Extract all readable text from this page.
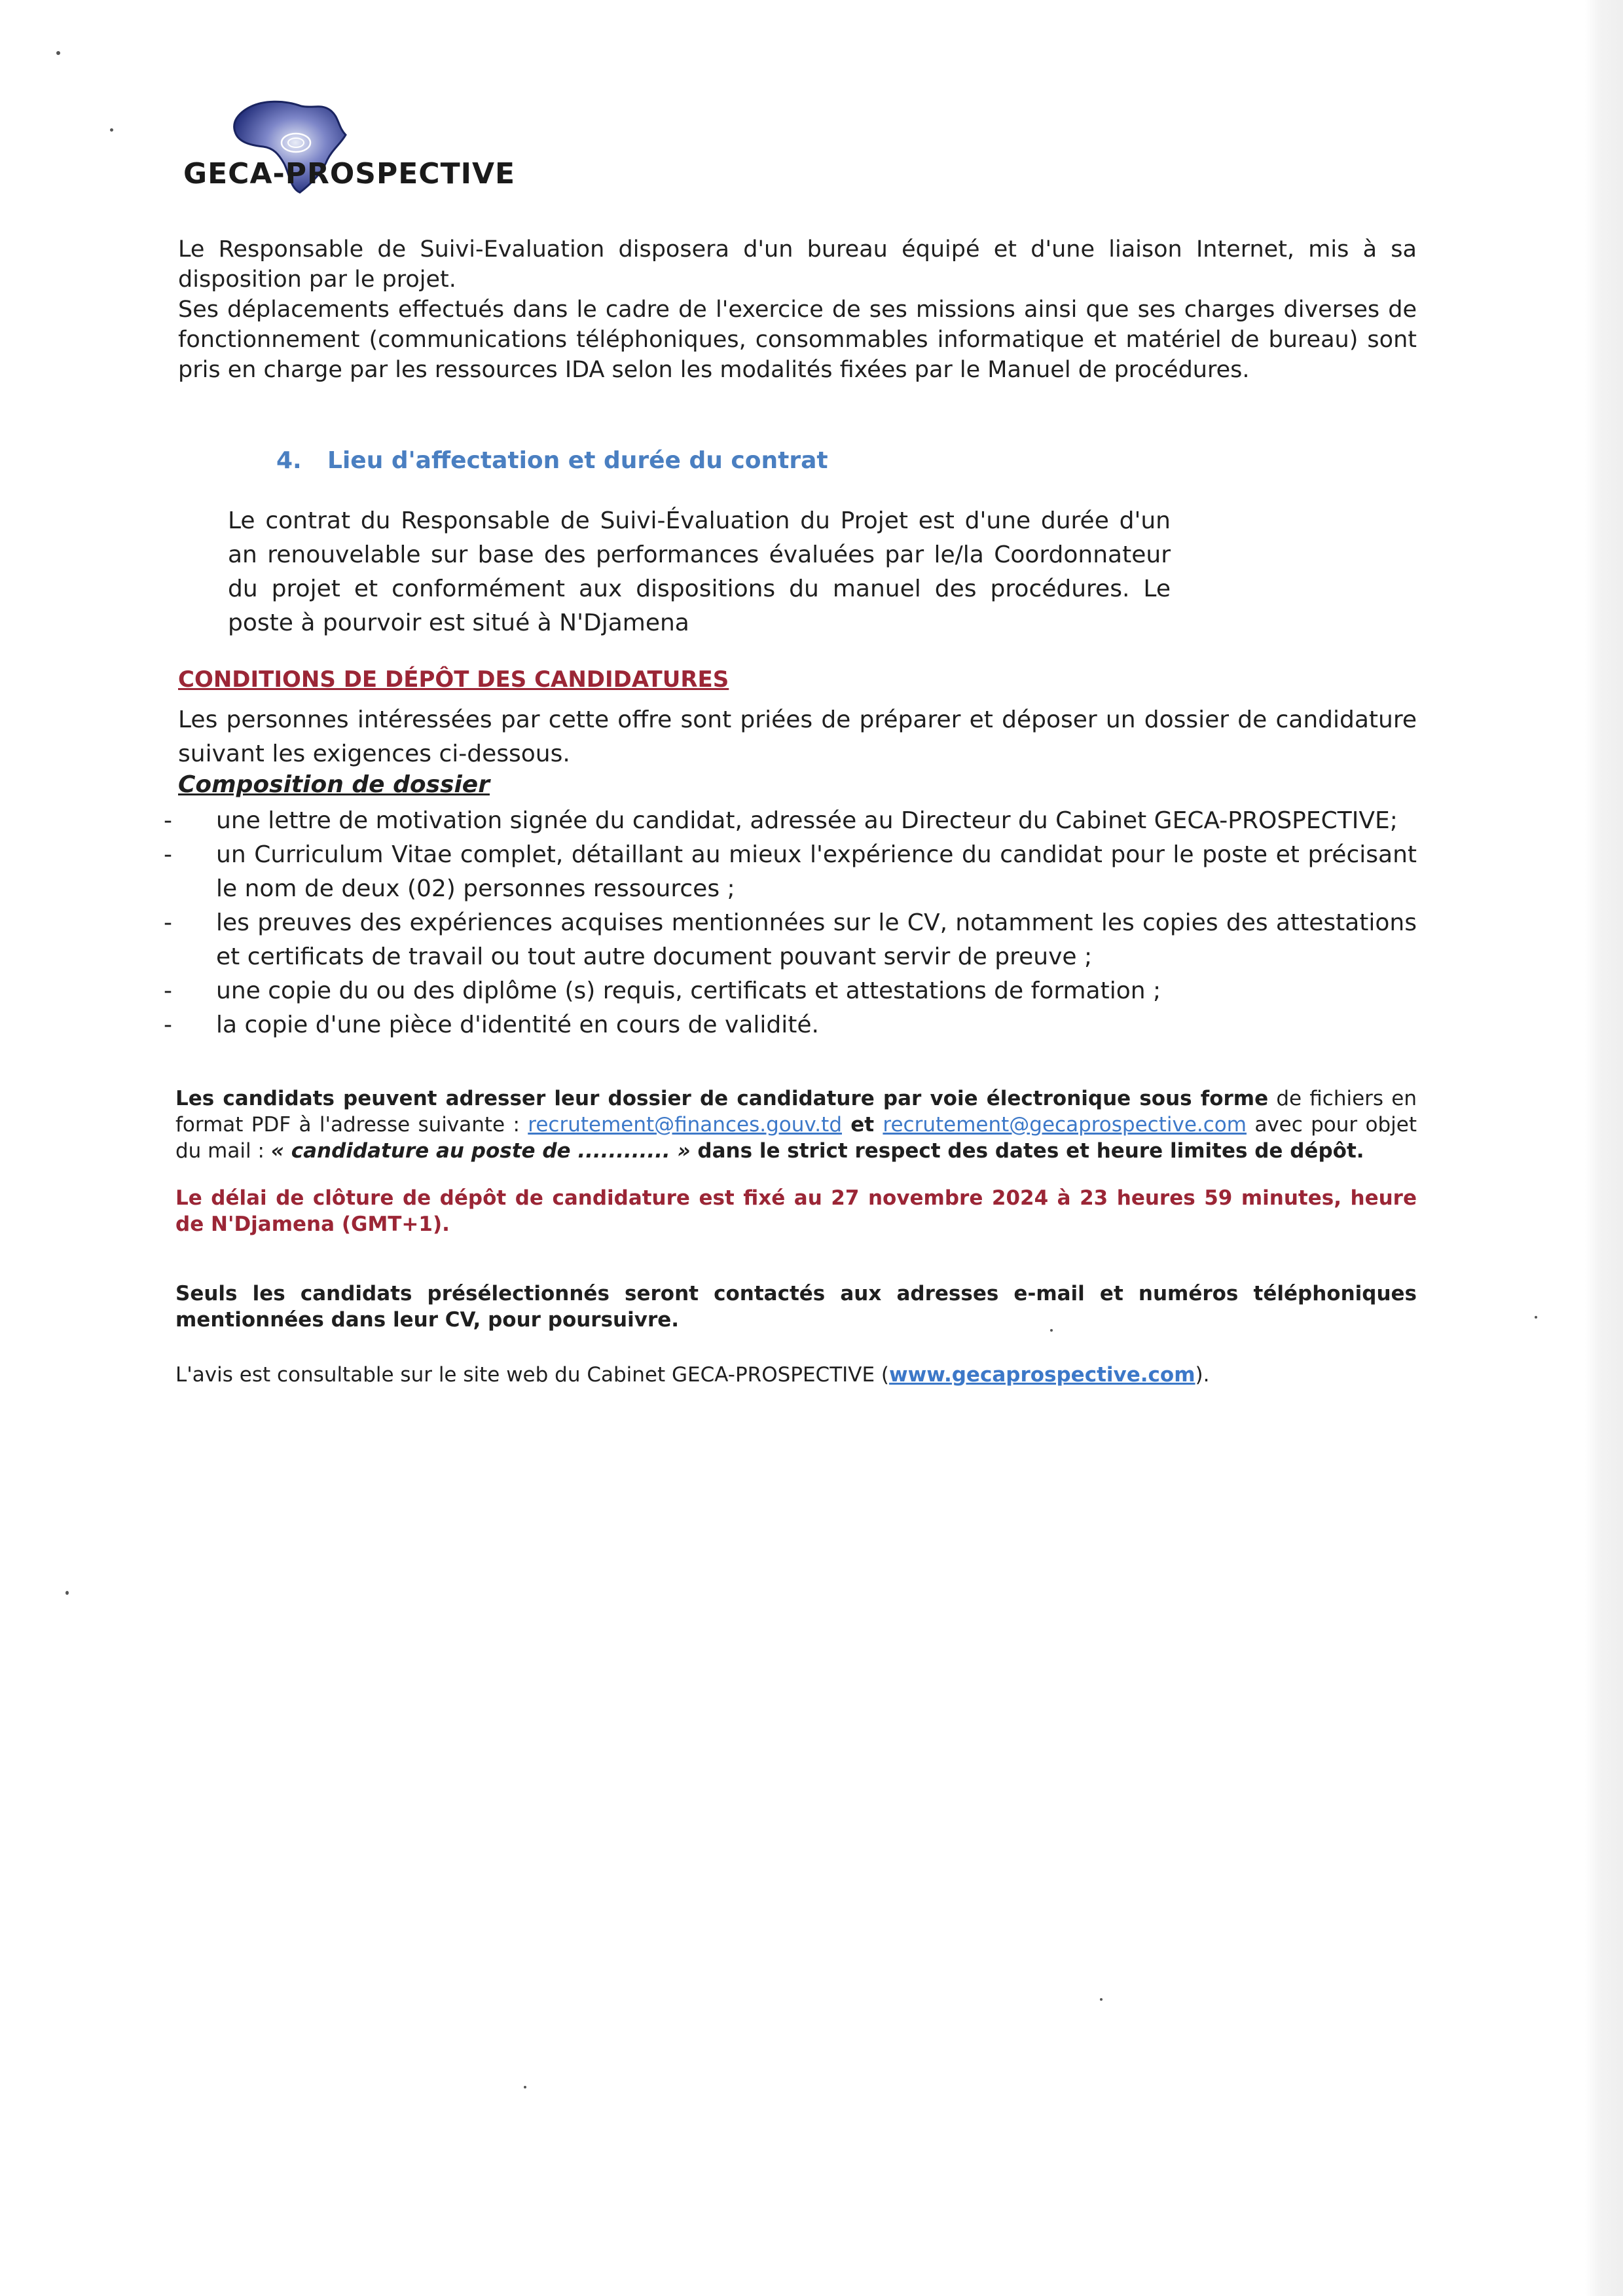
GECA-PROSPECTIVE

Le Responsable de Suivi-Evaluation disposera d'un bureau équipé et d'une liaison Internet, mis à sa disposition par le projet.

Ses déplacements effectués dans le cadre de l'exercice de ses missions ainsi que ses charges diverses de fonctionnement (communications téléphoniques, consommables informatique et matériel de bureau) sont pris en charge par les ressources IDA selon les modalités fixées par le Manuel de procédures.

4. Lieu d'affectation et durée du contrat
Le contrat du Responsable de Suivi-Évaluation du Projet est d'une durée d'un an renouvelable sur base des performances évaluées par le/la Coordonnateur du projet et conformément aux dispositions du manuel des procédures. Le poste à pourvoir est situé à N'Djamena
CONDITIONS DE DÉPÔT DES CANDIDATURES
Les personnes intéressées par cette offre sont priées de préparer et déposer un dossier de candidature suivant les exigences ci-dessous.
Composition de dossier
- une lettre de motivation signée du candidat, adressée au Directeur du Cabinet GECA-PROSPECTIVE;
- un Curriculum Vitae complet, détaillant au mieux l'expérience du candidat pour le poste et précisant le nom de deux (02) personnes ressources ;
- les preuves des expériences acquises mentionnées sur le CV, notamment les copies des attestations et certificats de travail ou tout autre document pouvant servir de preuve ;
- une copie du ou des diplôme (s) requis, certificats et attestations de formation ;
- la copie d'une pièce d'identité en cours de validité.
Les candidats peuvent adresser leur dossier de candidature par voie électronique sous forme de fichiers en format PDF à l'adresse suivante : recrutement@finances.gouv.td et recrutement@gecaprospective.com avec pour objet du mail : « candidature au poste de ............ » dans le strict respect des dates et heure limites de dépôt.
Le délai de clôture de dépôt de candidature est fixé au 27 novembre 2024 à 23 heures 59 minutes, heure de N'Djamena (GMT+1).
Seuls les candidats présélectionnés seront contactés aux adresses e-mail et numéros téléphoniques mentionnées dans leur CV, pour poursuivre.
L'avis est consultable sur le site web du Cabinet GECA-PROSPECTIVE (www.gecaprospective.com).
